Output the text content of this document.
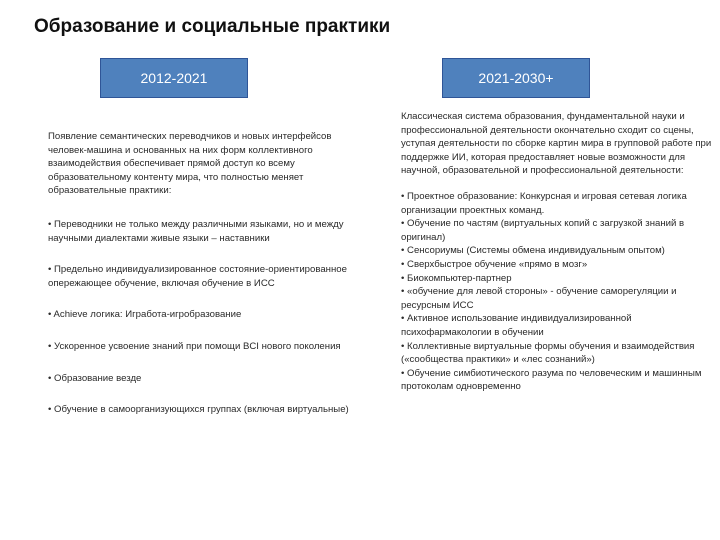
Образование и социальные практики
2012-2021	2021-2030+

Появление семантических переводчиков и новых интерфейсов человек-машина и основанных на них форм коллективного взаимодействия обеспечивает прямой доступ ко всему образовательному контенту мира, что полностью меняет образовательные практики:

• Переводники не только между различными языками, но и между научными диалектами живые языки – наставники

• Предельно индивидуализированное состояние-ориентированное опережающее обучение, включая обучение в ИСС

• Achieve логика: Игработа-игробразование

• Ускоренное усвоение знаний при помощи BCI нового поколения

• Образование везде

• Обучение в самоорганизующихся группах (включая виртуальные)

Классическая система образования, фундаментальной науки и профессиональной деятельности окончательно сходит со сцены, уступая деятельности по сборке картин мира в групповой работе при поддержке ИИ, которая предоставляет новые возможности для научной, образовательной и профессиональной деятельности:

• Проектное образование: Конкурсная и игровая сетевая логика организации проектных команд.

• Обучение по частям (виртуальных копий с загрузкой знаний в оригинал)

• Сенсориумы (Системы обмена индивидуальным опытом)

• Сверхбыстрое обучение «прямо в мозг»

• Биокомпьютер-партнер

• «обучение для левой стороны» - обучение саморегуляции и ресурсным ИСС

• Активное использование индивидуализированной психофармакологии в обучении

• Коллективные виртуальные формы обучения и взаимодействия («сообщества практики» и «лес сознаний»)

• Обучение симбиотического разума по человеческим и машинным протоколам одновременно
